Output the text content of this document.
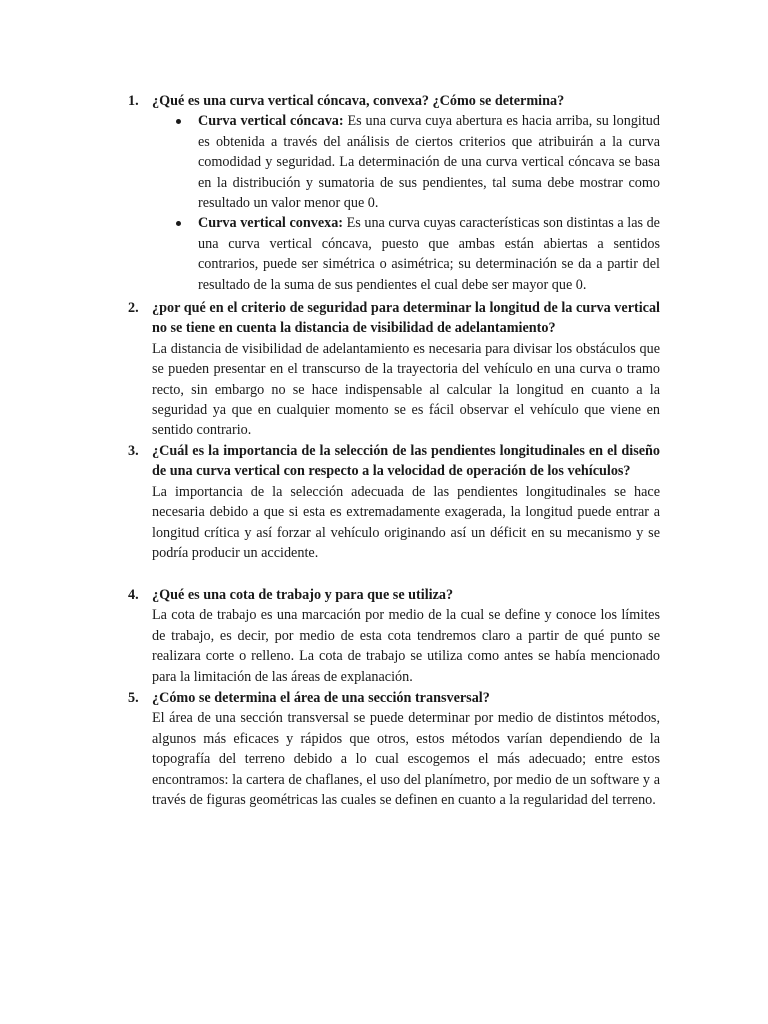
1. ¿Qué es una curva vertical cóncava, convexa? ¿Cómo se determina?
Curva vertical cóncava: Es una curva cuya abertura es hacia arriba, su longitud es obtenida a través del análisis de ciertos criterios que atribuirán a la curva comodidad y seguridad. La determinación de una curva vertical cóncava se basa en la distribución y sumatoria de sus pendientes, tal suma debe mostrar como resultado un valor menor que 0.
Curva vertical convexa: Es una curva cuyas características son distintas a las de una curva vertical cóncava, puesto que ambas están abiertas a sentidos contrarios, puede ser simétrica o asimétrica; su determinación se da a partir del resultado de la suma de sus pendientes el cual debe ser mayor que 0.
2. ¿por qué en el criterio de seguridad para determinar la longitud de la curva vertical no se tiene en cuenta la distancia de visibilidad de adelantamiento?
La distancia de visibilidad de adelantamiento es necesaria para divisar los obstáculos que se pueden presentar en el transcurso de la trayectoria del vehículo en una curva o tramo recto, sin embargo no se hace indispensable al calcular la longitud en cuanto a la seguridad ya que en cualquier momento se es fácil observar el vehículo que viene en sentido contrario.
3. ¿Cuál es la importancia de la selección de las pendientes longitudinales en el diseño de una curva vertical con respecto a la velocidad de operación de los vehículos?
La importancia de la selección adecuada de las pendientes longitudinales se hace necesaria debido a que si esta es extremadamente exagerada, la longitud puede entrar a longitud crítica y así forzar al vehículo originando así un déficit en su mecanismo y se podría producir un accidente.
4. ¿Qué es una cota de trabajo y para que se utiliza?
La cota de trabajo es una marcación por medio de la cual se define y conoce los límites de trabajo, es decir, por medio de esta cota tendremos claro a partir de qué punto se realizara corte o relleno. La cota de trabajo se utiliza como antes se había mencionado para la limitación de las áreas de explanación.
5. ¿Cómo se determina el área de una sección transversal?
El área de una sección transversal se puede determinar por medio de distintos métodos, algunos más eficaces y rápidos que otros, estos métodos varían dependiendo de la topografía del terreno debido a lo cual escogemos el más adecuado; entre estos encontramos: la cartera de chaflanes, el uso del planímetro, por medio de un software y a través de figuras geométricas las cuales se definen en cuanto a la regularidad del terreno.
